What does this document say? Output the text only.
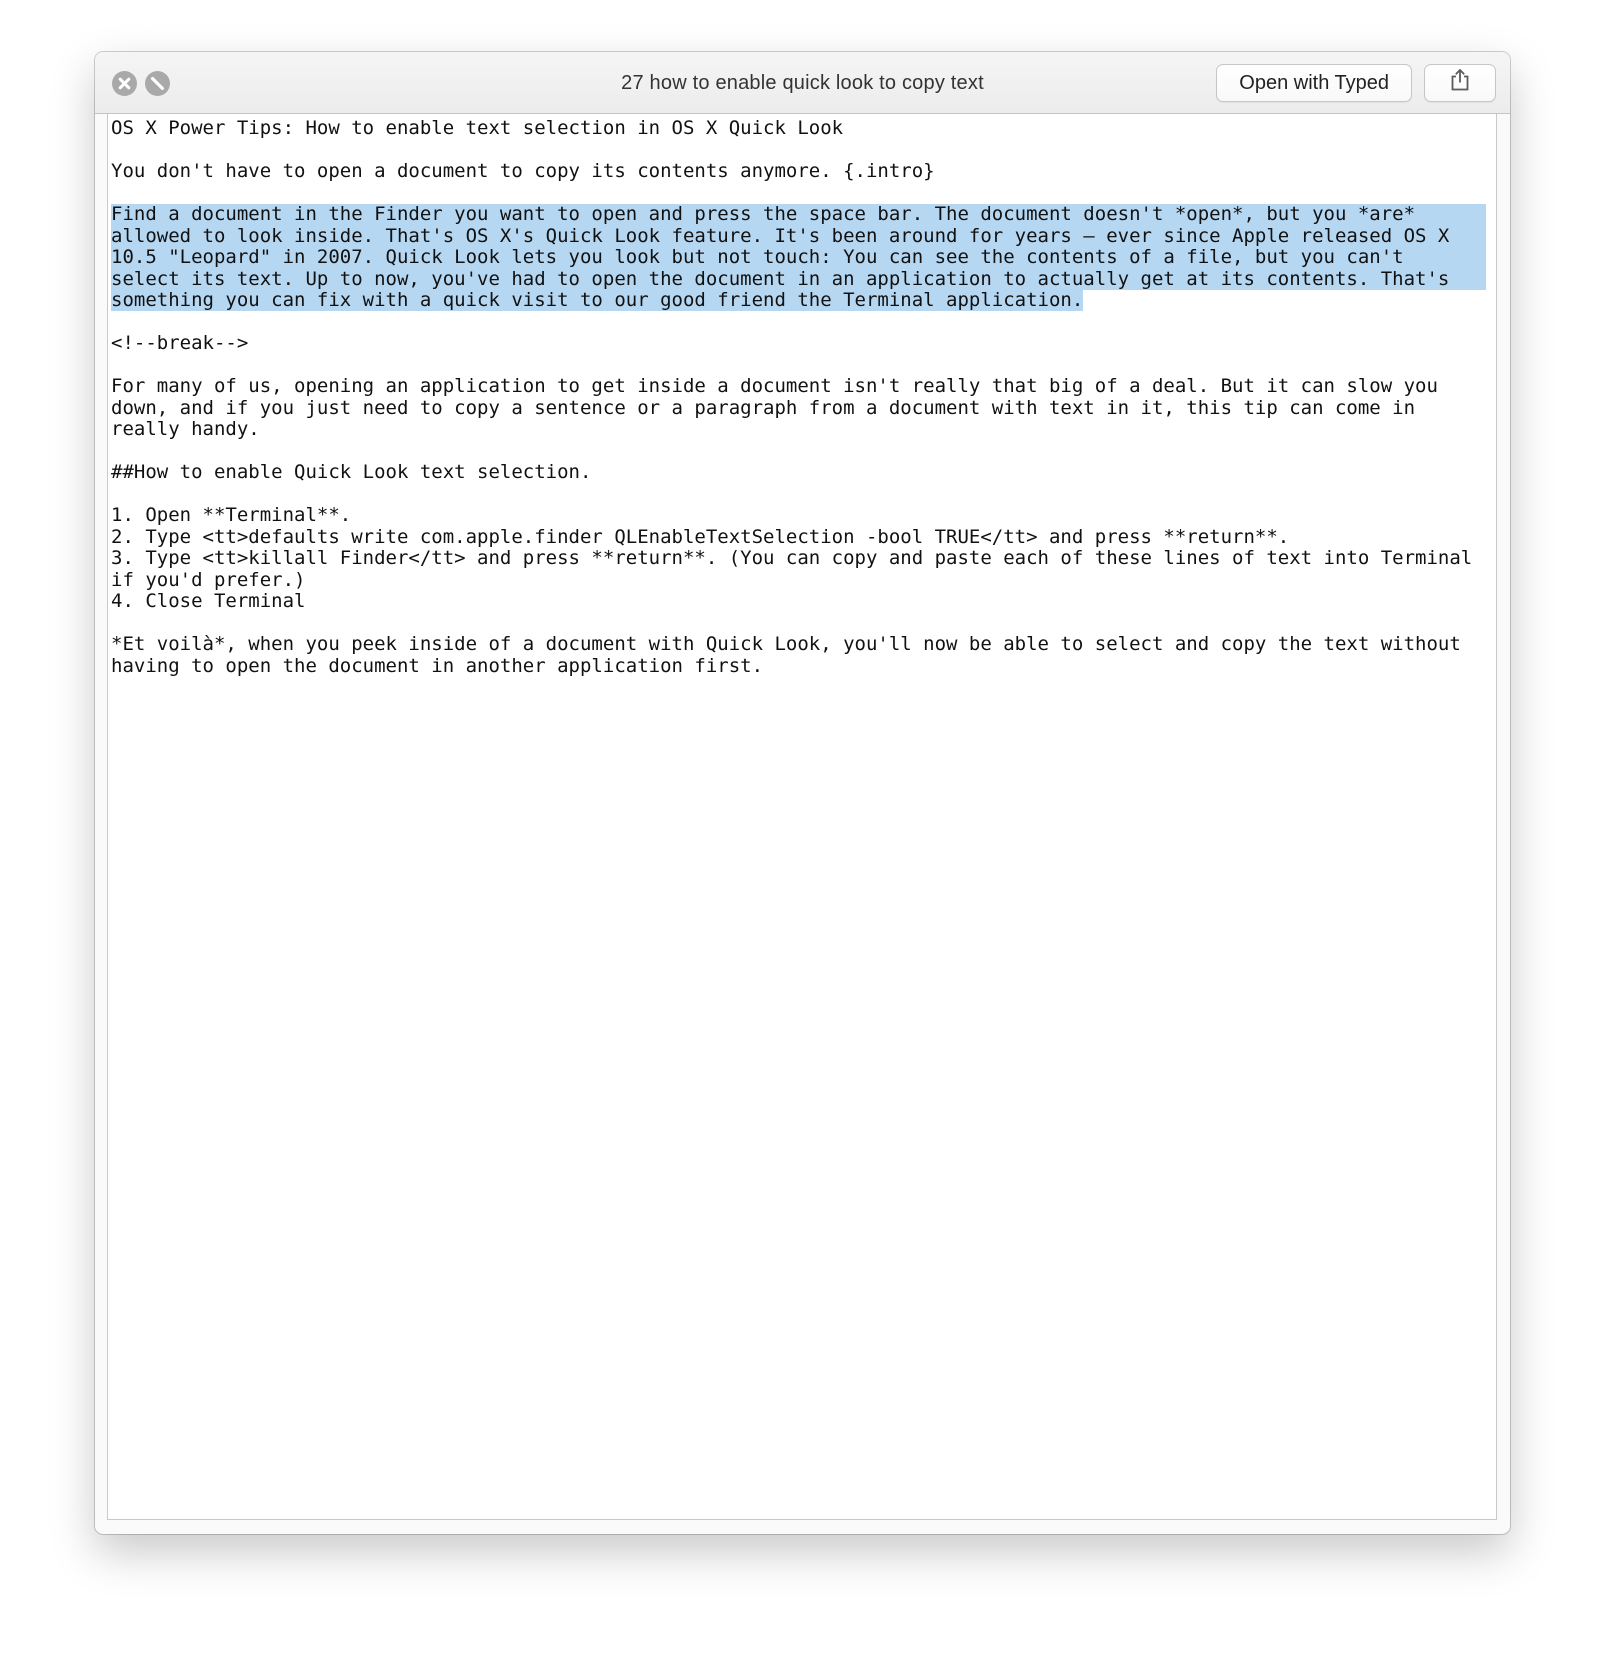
27 how to enable quick look to copy text	Open with Typed
OS X Power Tips: How to enable text selection in OS X Quick Look

You don't have to open a document to copy its contents anymore. {.intro}

Find a document in the Finder you want to open and press the space bar. The document doesn't *open*, but you *are*
allowed to look inside. That's OS X's Quick Look feature. It's been around for years — ever since Apple released OS X
10.5 "Leopard" in 2007. Quick Look lets you look but not touch: You can see the contents of a file, but you can't
select its text. Up to now, you've had to open the document in an application to actually get at its contents. That's
something you can fix with a quick visit to our good friend the Terminal application.

<!--break-->

For many of us, opening an application to get inside a document isn't really that big of a deal. But it can slow you
down, and if you just need to copy a sentence or a paragraph from a document with text in it, this tip can come in
really handy.

##How to enable Quick Look text selection.

1. Open **Terminal**.
2. Type <tt>defaults write com.apple.finder QLEnableTextSelection -bool TRUE</tt> and press **return**.
3. Type <tt>killall Finder</tt> and press **return**. (You can copy and paste each of these lines of text into Terminal
if you'd prefer.)
4. Close Terminal

*Et voilà*, when you peek inside of a document with Quick Look, you'll now be able to select and copy the text without
having to open the document in another application first.
